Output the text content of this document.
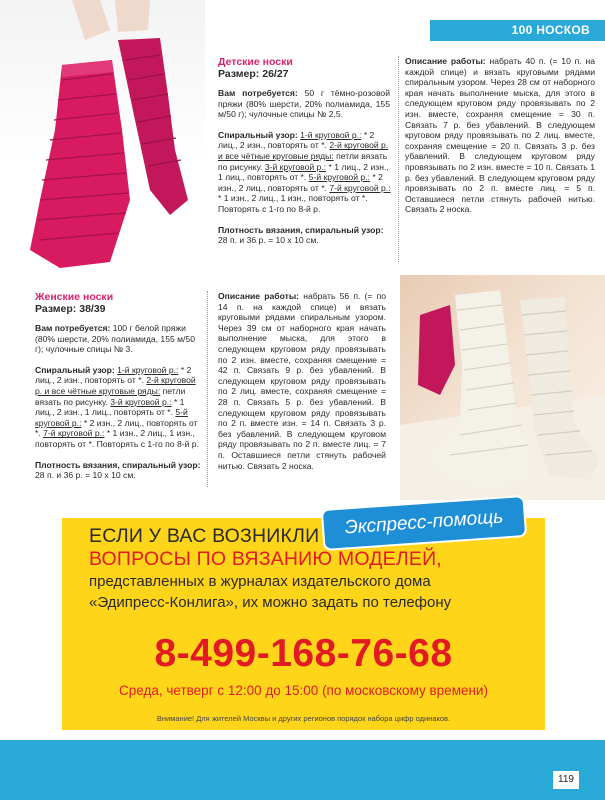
100 НОСКОВ
Детские носки
Размер: 26/27

Вам потребуется: 50 г тёмно-розовой пряжи (80% шерсти, 20% полиамида, 155 м/50 г); чулочные спицы № 2,5.

Спиральный узор: 1-й круговой р.: * 2 лиц., 2 изн., повторять от *. 2-й круговой р. и все чётные круговые ряды: петли вязать по рисунку. 3-й круговой р.: * 1 лиц., 2 изн., 1 лиц., повторять от *. 5-й круговой р.: * 2 изн., 2 лиц., повторять от *. 7-й круговой р.: * 1 изн., 2 лиц., 1 изн., повторять от *. Повторять с 1-го по 8-й р.

Плотность вязания, спиральный узор:
28 п. и 36 р. = 10 х 10 см.

Описание работы: набрать 40 п. (= 10 п. на каждой спице) и вязать круговыми рядами спиральным узором. Через 28 см от наборного края начать выполнение мыска, для этого в следующем круговом ряду провязывать по 2 изн. вместе, сохраняя смещение = 30 п. Связать 7 р. без убавлений. В следующем круговом ряду провязывать по 2 лиц. вместе, сохраняя смещение = 20 п. Связать 3 р. без убавлений. В следующем круговом ряду провязывать по 2 изн. вместе = 10 п. Связать 1 р. без убавлений. В следующем круговом ряду провязывать по 2 п. вместе лиц. = 5 п. Оставшиеся петли стянуть рабочей нитью. Связать 2 носка.

Женские носки
Размер: 38/39

Вам потребуется: 100 г белой пряжи (80% шерсти, 20% полиамида, 155 м/50 г); чулочные спицы № 3.

Спиральный узор: 1-й круговой р.: * 2 лиц., 2 изн., повторять от *. 2-й круговой р. и все чётные круговые ряды: петли вязать по рисунку. 3-й круговой р.: * 1 лиц., 2 изн., 1 лиц., повторять от *. 5-й круговой р.: * 2 изн., 2 лиц., повторять от *. 7-й круговой р.: * 1 изн., 2 лиц., 1 изн., повторять от *. Повторять с 1-го по 8-й р.

Плотность вязания, спиральный узор:
28 п. и 36 р. = 10 х 10 см.

Описание работы: набрать 56 п. (= по 14 п. на каждой спице) и вязать круговыми рядами спиральным узором. Через 39 см от наборного края начать выполнение мыска, для этого в следующем круговом ряду провязывать по 2 изн. вместе, сохраняя смещение = 42 п. Связать 9 р. без убавлений. В следующем круговом ряду провязывать по 2 лиц. вместе, сохраняя смещение = 28 п. Связать 5 р. без убавлений. В следующем круговом ряду провязывать по 2 п. вместе изн. = 14 п. Связать 3 р. без убавлений. В следующем круговом ряду провязывать по 2 п. вместе лиц. = 7 п. Оставшиеся петли стянуть рабочей нитью. Связать 2 носка.

Экспресс-помощь
ЕСЛИ У ВАС ВОЗНИКЛИ
ВОПРОСЫ ПО ВЯЗАНИЮ МОДЕЛЕЙ,
представленных в журналах издательского дома
«Эдипресс-Конлига», их можно задать по телефону
8-499-168-76-68
Среда, четверг с 12:00 до 15:00 (по московскому времени)
Внимание! Для жителей Москвы и других регионов порядок набора цифр одинаков.
119
